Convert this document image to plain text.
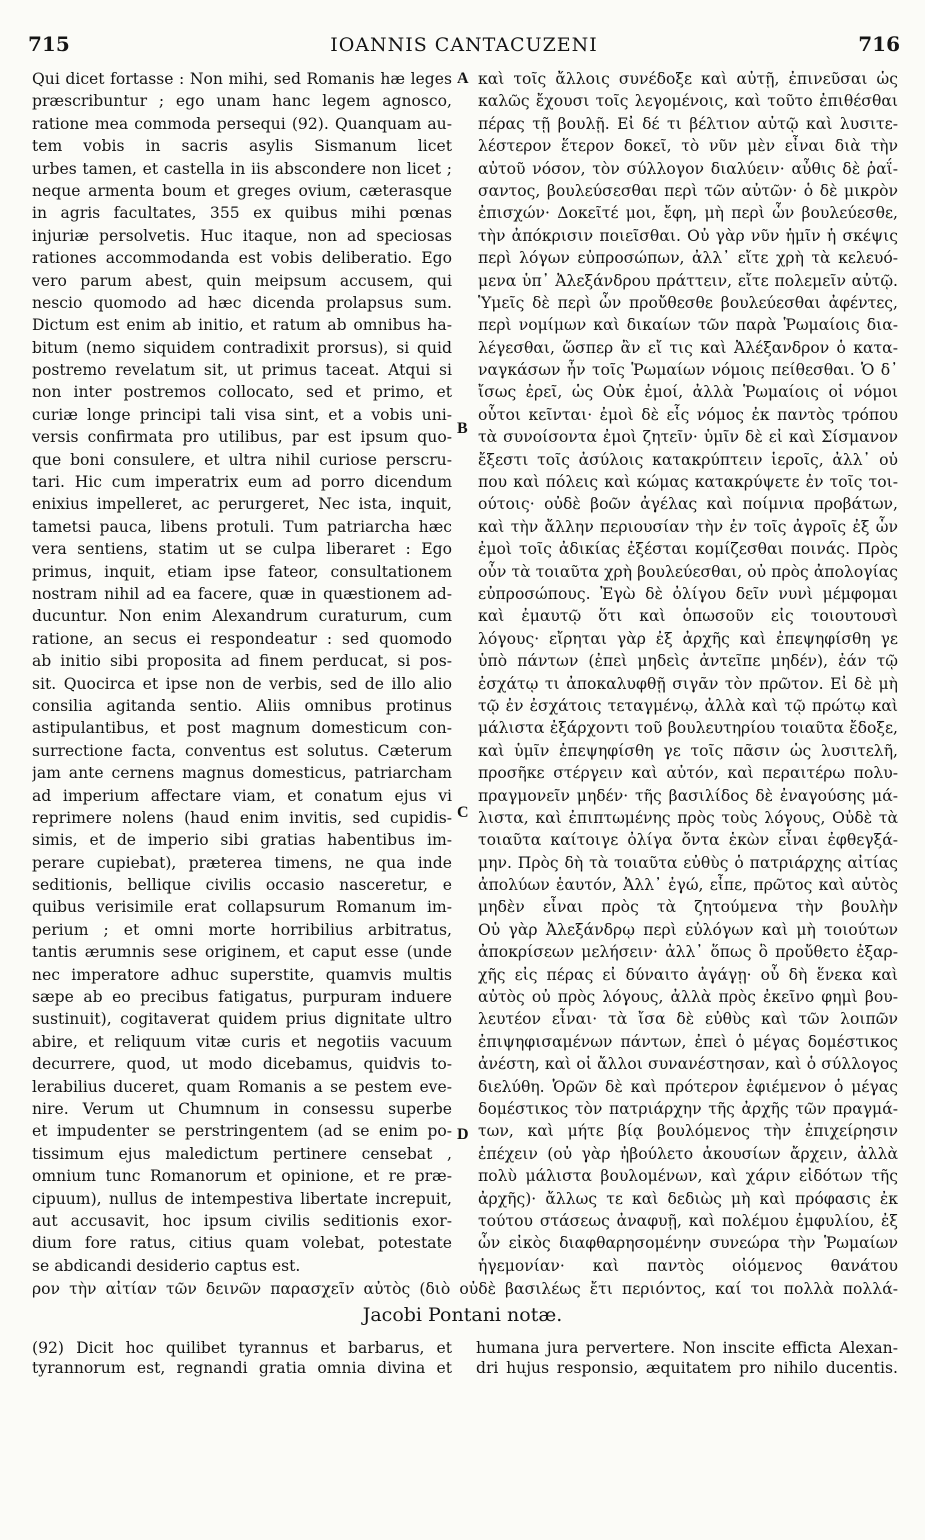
715	IOANNIS CANTACUZENI	716
Qui dicet fortasse : Non mihi, sed Romanis hæ leges
præscribuntur ; ego unam hanc legem agnosco,
ratione mea commoda persequi (92). Quanquam au-
tem vobis in sacris asylis Sismanum licet
urbes tamen, et castella in iis abscondere non licet ;
neque armenta boum et greges ovium, cæterasque
in agris facultates, 355 ex quibus mihi pœnas
injuriæ persolvetis. Huc itaque, non ad speciosas
rationes accommodanda est vobis deliberatio. Ego
vero parum abest, quin meipsum accusem, qui
nescio quomodo ad hæc dicenda prolapsus sum.
Dictum est enim ab initio, et ratum ab omnibus ha-
bitum (nemo siquidem contradixit prorsus), si quid
postremo revelatum sit, ut primus taceat. Atqui si
non inter postremos collocato, sed et primo, et
curiæ longe principi tali visa sint, et a vobis uni-
versis confirmata pro utilibus, par est ipsum quo-
que boni consulere, et ultra nihil curiose perscru-
tari. Hic cum imperatrix eum ad porro dicendum
enixius impelleret, ac perurgeret, Nec ista, inquit,
tametsi pauca, libens protuli. Tum patriarcha hæc
vera sentiens, statim ut se culpa liberaret : Ego
primus, inquit, etiam ipse fateor, consultationem
nostram nihil ad ea facere, quæ in quæstionem ad-
ducuntur. Non enim Alexandrum curaturum, cum
ratione, an secus ei respondeatur : sed quomodo
ab initio sibi proposita ad finem perducat, si pos-
sit. Quocirca et ipse non de verbis, sed de illo alio
consilia agitanda sentio. Aliis omnibus protinus
astipulantibus, et post magnum domesticum con-
surrectione facta, conventus est solutus. Cæterum
jam ante cernens magnus domesticus, patriarcham
ad imperium affectare viam, et conatum ejus vi
reprimere nolens (haud enim invitis, sed cupidis-
simis, et de imperio sibi gratias habentibus im-
perare cupiebat), præterea timens, ne qua inde
seditionis, bellique civilis occasio nasceretur, e
quibus verisimile erat collapsurum Romanum im-
perium ; et omni morte horribilius arbitratus,
tantis ærumnis sese originem, et caput esse (unde
nec imperatore adhuc superstite, quamvis multis
sæpe ab eo precibus fatigatus, purpuram induere
sustinuit), cogitaverat quidem prius dignitate ultro
abire, et reliquum vitæ curis et negotiis vacuum
decurrere, quod, ut modo dicebamus, quidvis to-
lerabilius duceret, quam Romanis a se pestem eve-
nire. Verum ut Chumnum in consessu superbe
et impudenter se perstringentem (ad se enim po-
tissimum ejus maledictum pertinere censebat ,
omnium tunc Romanorum et opinione, et re præ-
cipuum), nullus de intempestiva libertate increpuit,
aut accusavit, hoc ipsum civilis seditionis exor-
dium fore ratus, citius quam volebat, potestate
se abdicandi desiderio captus est.
καὶ τοῖς ἄλλοις συνέδοξε καὶ αὐτῇ, ἐπινεῦσαι ὡς
καλῶς ἔχουσι τοῖς λεγομένοις, καὶ τοῦτο ἐπιθέσθαι
πέρας τῇ βουλῇ. Εἰ δέ τι βέλτιον αὐτῷ καὶ λυσιτε-
λέστερον ἕτερον δοκεῖ, τὸ νῦν μὲν εἶναι διὰ τὴν
αὐτοῦ νόσον, τὸν σύλλογον διαλύειν· αὖθις δὲ ῥαΐ-
σαντος, βουλεύσεσθαι περὶ τῶν αὐτῶν· ὁ δὲ μικρὸν
ἐπισχών· Δοκεῖτέ μοι, ἔφη, μὴ περὶ ὧν βουλεύεσθε,
τὴν ἀπόκρισιν ποιεῖσθαι. Οὐ γὰρ νῦν ἡμῖν ἡ σκέψις
περὶ λόγων εὐπροσώπων, ἀλλ᾽ εἴτε χρὴ τὰ κελευό-
μενα ὑπ᾽ Ἀλεξάνδρου πράττειν, εἴτε πολεμεῖν αὐτῷ.
Ὑμεῖς δὲ περὶ ὧν προὔθεσθε βουλεύεσθαι ἀφέντες,
περὶ νομίμων καὶ δικαίων τῶν παρὰ Ῥωμαίοις δια-
λέγεσθαι, ὥσπερ ἂν εἴ τις καὶ Ἀλέξανδρον ὁ κατα-
ναγκάσων ἦν τοῖς Ῥωμαίων νόμοις πείθεσθαι. Ὁ δ᾽
ἴσως ἐρεῖ, ὡς Οὐκ ἐμοί, ἀλλὰ Ῥωμαίοις οἱ νόμοι
οὗτοι κεῖνται· ἐμοὶ δὲ εἷς νόμος ἐκ παντὸς τρόπου
τὰ συνοίσοντα ἐμοὶ ζητεῖν· ὑμῖν δὲ εἰ καὶ Σίσμανον
ἔξεστι τοῖς ἀσύλοις κατακρύπτειν ἱεροῖς, ἀλλ᾽ οὐ
που καὶ πόλεις καὶ κώμας κατακρύψετε ἐν τοῖς τοι-
ούτοις· οὐδὲ βοῶν ἀγέλας καὶ ποίμνια προβάτων,
καὶ τὴν ἄλλην περιουσίαν τὴν ἐν τοῖς ἀγροῖς ἐξ ὧν
ἐμοὶ τοῖς ἀδικίας ἐξέσται κομίζεσθαι ποινάς. Πρὸς
οὖν τὰ τοιαῦτα χρὴ βουλεύεσθαι, οὐ πρὸς ἀπολογίας
εὐπροσώπους. Ἐγὼ δὲ ὀλίγου δεῖν νυνὶ μέμφομαι
καὶ ἐμαυτῷ ὅτι καὶ ὁπωσοῦν εἰς τοιουτουσὶ
λόγους· εἴρηται γὰρ ἐξ ἀρχῆς καὶ ἐπεψηφίσθη γε
ὑπὸ πάντων (ἐπεὶ μηδεὶς ἀντεῖπε μηδέν), ἐάν τῷ
ἐσχάτῳ τι ἀποκαλυφθῇ σιγᾶν τὸν πρῶτον. Εἰ δὲ μὴ
τῷ ἐν ἐσχάτοις τεταγμένῳ, ἀλλὰ καὶ τῷ πρώτῳ καὶ
μάλιστα ἐξάρχοντι τοῦ βουλευτηρίου τοιαῦτα ἔδοξε,
καὶ ὑμῖν ἐπεψηφίσθη γε τοῖς πᾶσιν ὡς λυσιτελῆ,
προσῆκε στέργειν καὶ αὐτόν, καὶ περαιτέρω πολυ-
πραγμονεῖν μηδέν· τῆς βασιλίδος δὲ ἐναγούσης μά-
λιστα, καὶ ἐπιπτωμένης πρὸς τοὺς λόγους, Οὐδὲ τὰ
τοιαῦτα καίτοιγε ὀλίγα ὄντα ἑκὼν εἶναι ἐφθεγξά-
μην. Πρὸς δὴ τὰ τοιαῦτα εὐθὺς ὁ πατριάρχης αἰτίας
ἀπολύων ἑαυτόν, Ἀλλ᾽ ἐγώ, εἶπε, πρῶτος καὶ αὐτὸς
μηδὲν εἶναι πρὸς τὰ ζητούμενα τὴν βουλὴν
Οὐ γὰρ Ἀλεξάνδρῳ περὶ εὐλόγων καὶ μὴ τοιούτων
ἀποκρίσεων μελήσειν· ἀλλ᾽ ὅπως ὃ προὔθετο ἐξαρ-
χῆς εἰς πέρας εἰ δύναιτο ἀγάγῃ· οὗ δὴ ἕνεκα καὶ
αὐτὸς οὐ πρὸς λόγους, ἀλλὰ πρὸς ἐκεῖνο φημὶ βου-
λευτέον εἶναι· τὰ ἴσα δὲ εὐθὺς καὶ τῶν λοιπῶν
ἐπιψηφισαμένων πάντων, ἐπεὶ ὁ μέγας δομέστικος
ἀνέστη, καὶ οἱ ἄλλοι συνανέστησαν, καὶ ὁ σύλλογος
διελύθη. Ὁρῶν δὲ καὶ πρότερον ἐφιέμενον ὁ μέγας
δομέστικος τὸν πατριάρχην τῆς ἀρχῆς τῶν πραγμά-
των, καὶ μήτε βίᾳ βουλόμενος τὴν ἐπιχείρησιν
ἐπέχειν (οὐ γὰρ ἠβούλετο ἀκουσίων ἄρχειν, ἀλλὰ
πολὺ μάλιστα βουλομένων, καὶ χάριν εἰδότων τῆς
ἀρχῆς)· ἄλλως τε καὶ δεδιὼς μὴ καὶ πρόφασις ἐκ
τούτου στάσεως ἀναφυῇ, καὶ πολέμου ἐμφυλίου, ἐξ
ὧν εἰκὸς διαφθαρησομένην συνεώρα τὴν Ῥωμαίων
ἡγεμονίαν· καὶ παντὸς οἰόμενος θανάτου
A
B
C
D
ρον τὴν αἰτίαν τῶν δεινῶν παρασχεῖν αὐτὸς (διὸ οὐδὲ βασιλέως ἔτι περιόντος, καί τοι πολλὰ πολλά-
Jacobi Pontani notæ.
(92) Dicit hoc quilibet tyrannus et barbarus, et
tyrannorum est, regnandi gratia omnia divina et
humana jura pervertere. Non inscite efficta Alexan-
dri hujus responsio, æquitatem pro nihilo ducentis.
